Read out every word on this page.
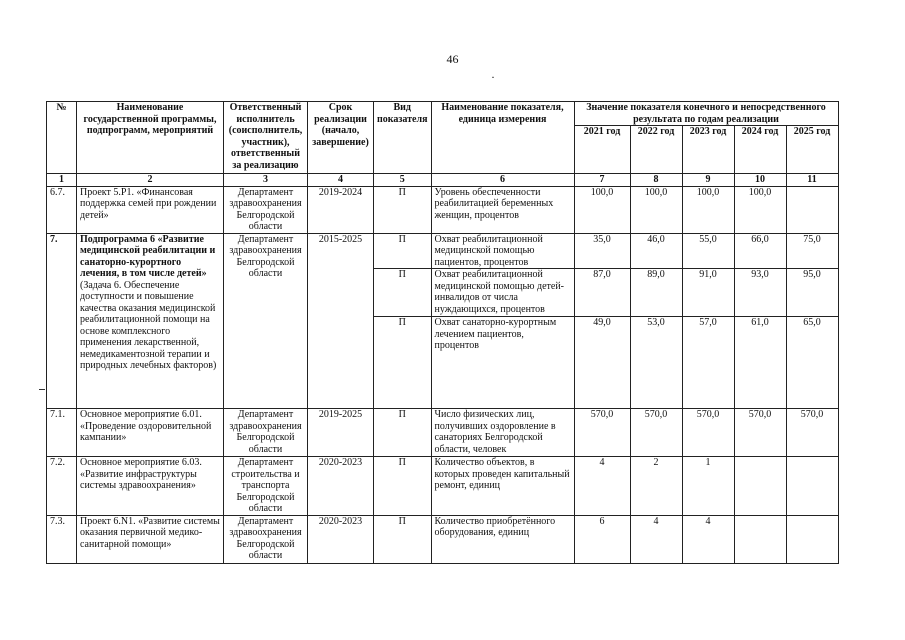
46
·
№	Наименование государственной программы, подпрограмм, мероприятий	Ответственный исполнитель (соисполнитель, участник), ответственный за реализацию	Срок реализации (начало, завершение)	Вид показателя	Наименование показателя, единица измерения	Значение показателя конечного и непосредственного результата по годам реализации				
						2021 год	2022 год	2023 год	2024 год	2025 год
1	2	3	4	5	6	7	8	9	10	11
6.7.	Проект 5.P1. «Финансовая поддержка семей при рождении детей»	Департамент здравоохранения Белгородской области	2019-2024	П	Уровень обеспеченности реабилитацией беременных женщин, процентов	100,0	100,0	100,0	100,0	
7.	Подпрограмма 6 «Развитие медицинской реабилитации и санаторно-курортного лечения, в том числе детей» (Задача 6. Обеспечение доступности и повышение качества оказания медицинской реабилитационной помощи на основе комплексного применения лекарственной, немедикаментозной терапии и природных лечебных факторов)	Департамент здравоохранения Белгородской области	2015-2025	П	Охват реабилитационной медицинской помощью пациентов, процентов	35,0	46,0	55,0	66,0	75,0
				П	Охват реабилитационной медицинской помощью детей-инвалидов от числа нуждающихся, процентов	87,0	89,0	91,0	93,0	95,0
				П	Охват санаторно-курортным лечением пациентов, процентов	49,0	53,0	57,0	61,0	65,0
7.1.	Основное мероприятие 6.01. «Проведение оздоровительной кампании»	Департамент здравоохранения Белгородской области	2019-2025	П	Число физических лиц, получивших оздоровление в санаториях Белгородской области, человек	570,0	570,0	570,0	570,0	570,0
7.2.	Основное мероприятие 6.03. «Развитие инфраструктуры системы здравоохранения»	Департамент строительства и транспорта Белгородской области	2020-2023	П	Количество объектов, в которых проведен капитальный ремонт, единиц	4	2	1		
7.3.	Проект 6.N1. «Развитие системы оказания первичной медико-санитарной помощи»	Департамент здравоохранения Белгородской области	2020-2023	П	Количество приобретённого оборудования, единиц	6	4	4		
